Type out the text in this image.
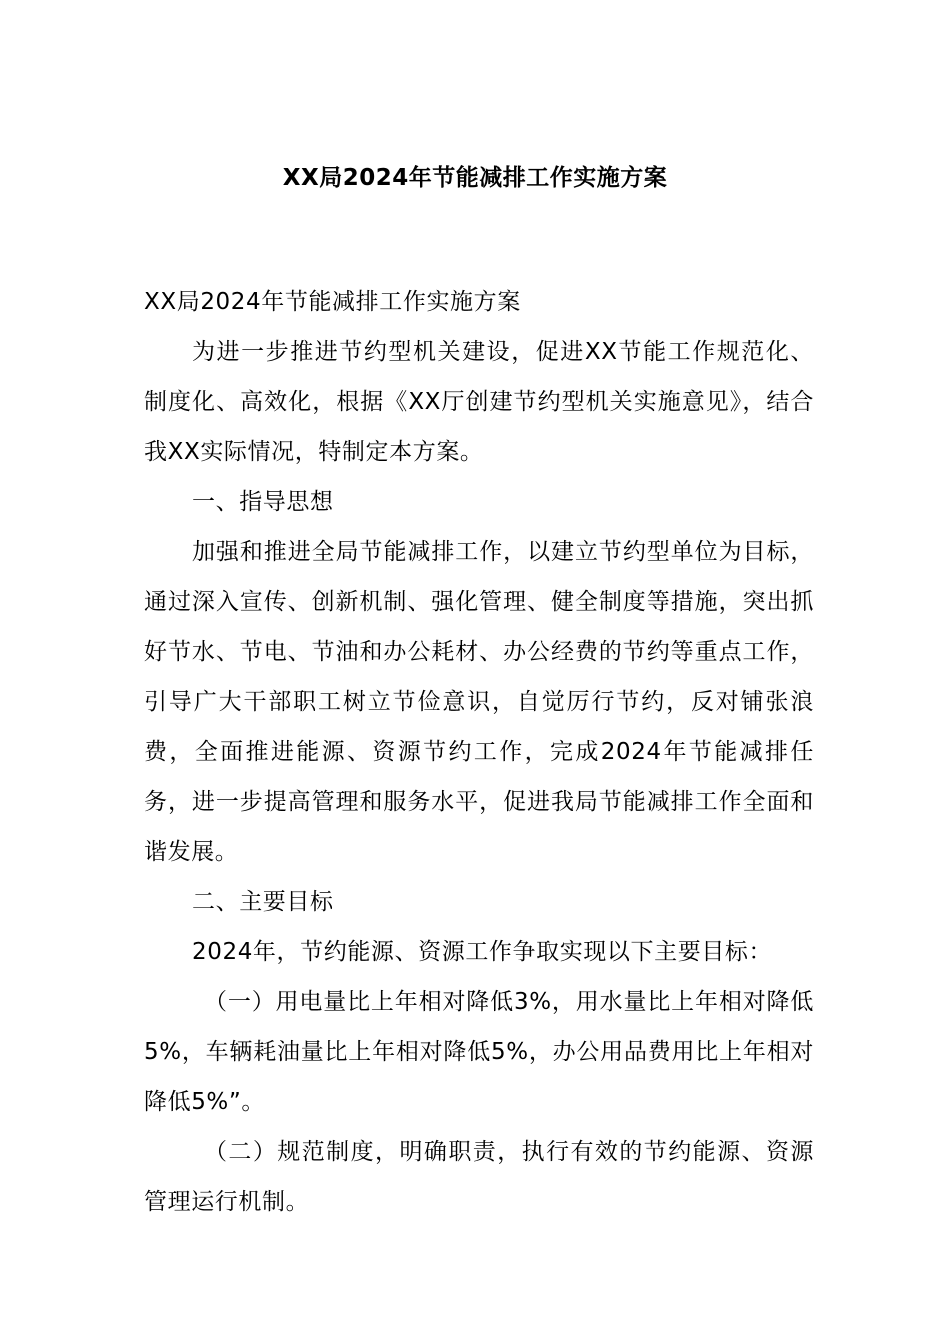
XX局2024年节能减排工作实施方案

XX局2024年节能减排工作实施方案

为进一步推进节约型机关建设，促进XX节能工作规范化、制度化、高效化，根据《XX厅创建节约型机关实施意见》，结合我XX实际情况，特制定本方案。

一、指导思想

加强和推进全局节能减排工作，以建立节约型单位为目标，通过深入宣传、创新机制、强化管理、健全制度等措施，突出抓好节水、节电、节油和办公耗材、办公经费的节约等重点工作，引导广大干部职工树立节俭意识，自觉厉行节约，反对铺张浪费，全面推进能源、资源节约工作，完成2024年节能减排任务，进一步提高管理和服务水平，促进我局节能减排工作全面和谐发展。

二、主要目标

2024年，节约能源、资源工作争取实现以下主要目标：

（一）用电量比上年相对降低3%，用水量比上年相对降低5%，车辆耗油量比上年相对降低5%，办公用品费用比上年相对降低5%”。

（二）规范制度，明确职责，执行有效的节约能源、资源管理运行机制。
